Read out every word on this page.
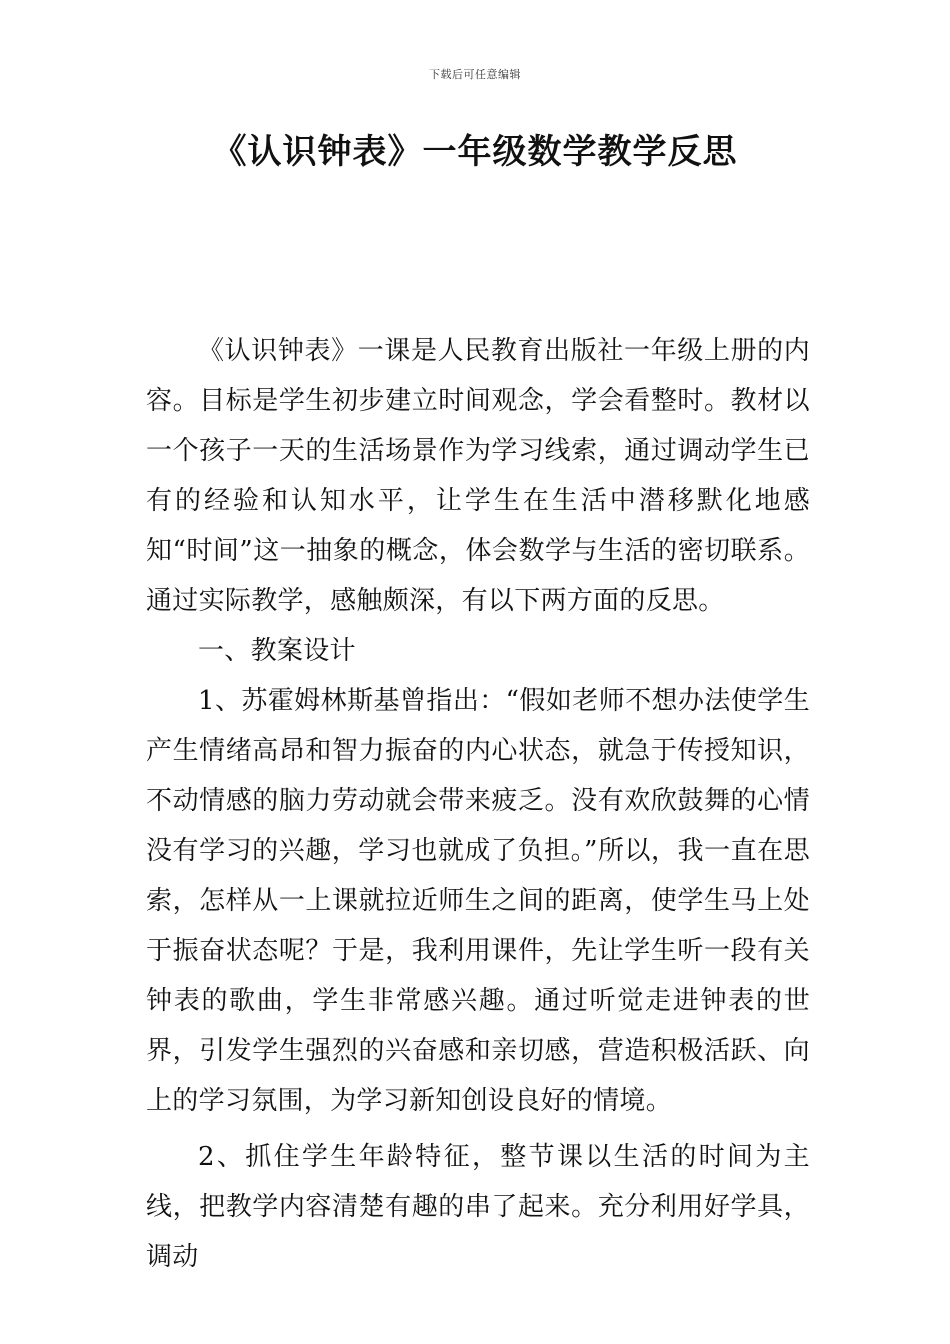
下载后可任意编辑
《认识钟表》一年级数学教学反思

《认识钟表》一课是人民教育出版社一年级上册的内容。目标是学生初步建立时间观念，学会看整时。教材以一个孩子一天的生活场景作为学习线索，通过调动学生已有的经验和认知水平，让学生在生活中潜移默化地感知“时间”这一抽象的概念，体会数学与生活的密切联系。通过实际教学，感触颇深，有以下两方面的反思。

一、教案设计

1、苏霍姆林斯基曾指出：“假如老师不想办法使学生产生情绪高昂和智力振奋的内心状态，就急于传授知识，不动情感的脑力劳动就会带来疲乏。没有欢欣鼓舞的心情没有学习的兴趣，学习也就成了负担。”所以，我一直在思索，怎样从一上课就拉近师生之间的距离，使学生马上处于振奋状态呢？于是，我利用课件，先让学生听一段有关钟表的歌曲，学生非常感兴趣。通过听觉走进钟表的世界，引发学生强烈的兴奋感和亲切感，营造积极活跃、向上的学习氛围，为学习新知创设良好的情境。

2、抓住学生年龄特征，整节课以生活的时间为主线，把教学内容清楚有趣的串了起来。充分利用好学具，调动
